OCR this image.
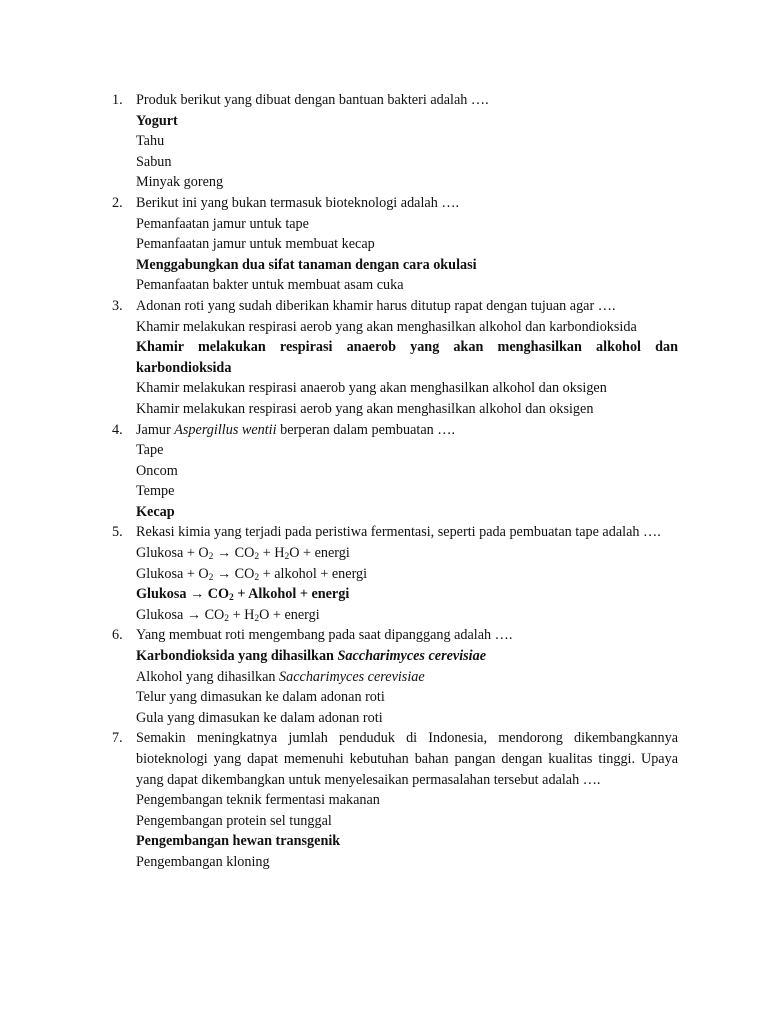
1. Produk berikut yang dibuat dengan bantuan bakteri adalah ….
Yogurt
Tahu
Sabun
Minyak goreng
2. Berikut ini yang bukan termasuk bioteknologi adalah ….
Pemanfaatan jamur untuk tape
Pemanfaatan jamur untuk membuat kecap
Menggabungkan dua sifat tanaman dengan cara okulasi
Pemanfaatan bakter untuk membuat asam cuka
3. Adonan roti yang sudah diberikan khamir harus ditutup rapat dengan tujuan agar ….
Khamir melakukan respirasi aerob yang akan menghasilkan alkohol dan karbondioksida
Khamir melakukan respirasi anaerob yang akan menghasilkan alkohol dan karbondioksida
Khamir melakukan respirasi anaerob yang akan menghasilkan alkohol dan oksigen
Khamir melakukan respirasi aerob yang akan menghasilkan alkohol dan oksigen
4. Jamur Aspergillus wentii berperan dalam pembuatan ….
Tape
Oncom
Tempe
Kecap
5. Rekasi kimia yang terjadi pada peristiwa fermentasi, seperti pada pembuatan tape adalah ….
Glukosa + $O_2 \to CO_2 + H_2O$ + energi
Glukosa + $O_2 \to CO_2$ + alkohol + energi
Glukosa → $CO_2$ + Alkohol + energi
Glukosa → $CO_2 + H_2O$ + energi
6. Yang membuat roti mengembang pada saat dipanggang adalah ….
Karbondioksida yang dihasilkan Saccharimyces cerevisiae
Alkohol yang dihasilkan Saccharimyces cerevisiae
Telur yang dimasukan ke dalam adonan roti
Gula yang dimasukan ke dalam adonan roti
7. Semakin meningkatnya jumlah penduduk di Indonesia, mendorong dikembangkannya bioteknologi yang dapat memenuhi kebutuhan bahan pangan dengan kualitas tinggi. Upaya yang dapat dikembangkan untuk menyelesaikan permasalahan tersebut adalah ….
Pengembangan teknik fermentasi makanan
Pengembangan protein sel tunggal
Pengembangan hewan transgenik
Pengembangan kloning
